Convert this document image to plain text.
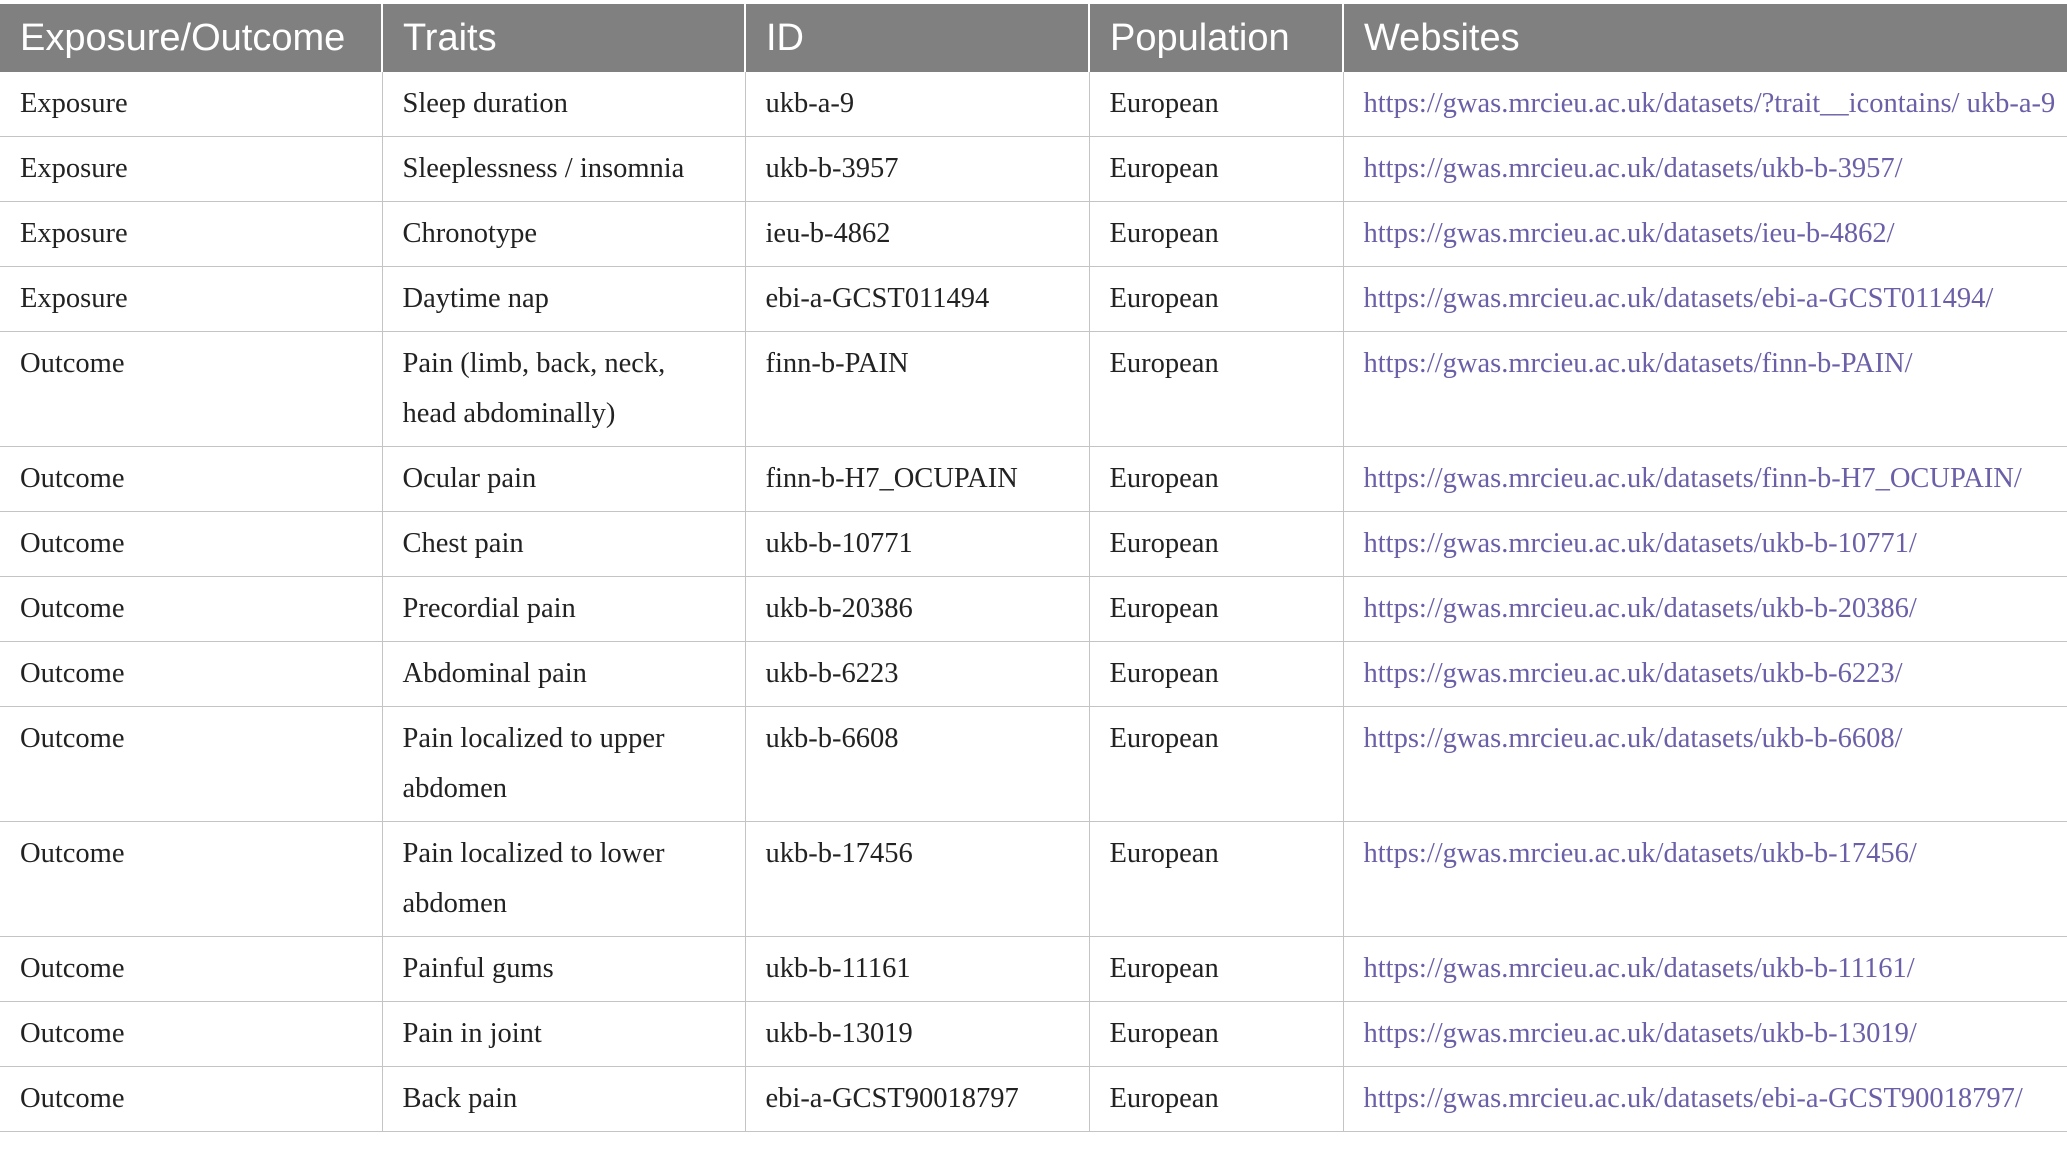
Exposure/Outcome	Traits	ID	Population	Websites
Exposure	Sleep duration	ukb-a-9	European	https://gwas.mrcieu.ac.uk/datasets/?trait__icontains/ ukb-a-9
Exposure	Sleeplessness / insomnia	ukb-b-3957	European	https://gwas.mrcieu.ac.uk/datasets/ukb-b-3957/
Exposure	Chronotype	ieu-b-4862	European	https://gwas.mrcieu.ac.uk/datasets/ieu-b-4862/
Exposure	Daytime nap	ebi-a-GCST011494	European	https://gwas.mrcieu.ac.uk/datasets/ebi-a-GCST011494/
Outcome	Pain (limb, back, neck, head abdominally)	finn-b-PAIN	European	https://gwas.mrcieu.ac.uk/datasets/finn-b-PAIN/
Outcome	Ocular pain	finn-b-H7_OCUPAIN	European	https://gwas.mrcieu.ac.uk/datasets/finn-b-H7_OCUPAIN/
Outcome	Chest pain	ukb-b-10771	European	https://gwas.mrcieu.ac.uk/datasets/ukb-b-10771/
Outcome	Precordial pain	ukb-b-20386	European	https://gwas.mrcieu.ac.uk/datasets/ukb-b-20386/
Outcome	Abdominal pain	ukb-b-6223	European	https://gwas.mrcieu.ac.uk/datasets/ukb-b-6223/
Outcome	Pain localized to upper abdomen	ukb-b-6608	European	https://gwas.mrcieu.ac.uk/datasets/ukb-b-6608/
Outcome	Pain localized to lower abdomen	ukb-b-17456	European	https://gwas.mrcieu.ac.uk/datasets/ukb-b-17456/
Outcome	Painful gums	ukb-b-11161	European	https://gwas.mrcieu.ac.uk/datasets/ukb-b-11161/
Outcome	Pain in joint	ukb-b-13019	European	https://gwas.mrcieu.ac.uk/datasets/ukb-b-13019/
Outcome	Back pain	ebi-a-GCST90018797	European	https://gwas.mrcieu.ac.uk/datasets/ebi-a-GCST90018797/
